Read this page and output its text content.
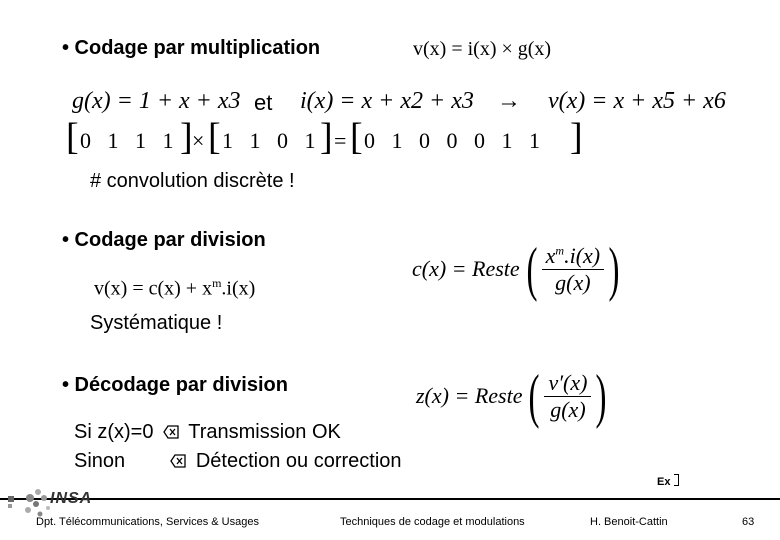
• Codage par multiplication	v(x) = i(x) × g(x)
g(x) = 1 + x + x3 et i(x) = x + x2 + x3 → v(x) = x + x5 + x6
[ 0   1   1   1 ] × [ 1   1   0   1 ] = [ 0   1   0   0   0   1   1 ]
# convolution discrète !
• Codage par division
$v(x) = c(x) + x^m.i(x)$
c(x) = Reste ( $\frac{x^m.i(x)}{g(x)}$ )
Systématique !
• Décodage par division	z(x) = Reste ( $\frac{v'(x)}{g(x)}$ )
Si z(x)=0 Transmission OK
Sinon	Détection ou correction
Ex
INSA
Dpt. Télécommunications, Services & Usages	Techniques de codage et modulations	H. Benoit-Cattin	63
